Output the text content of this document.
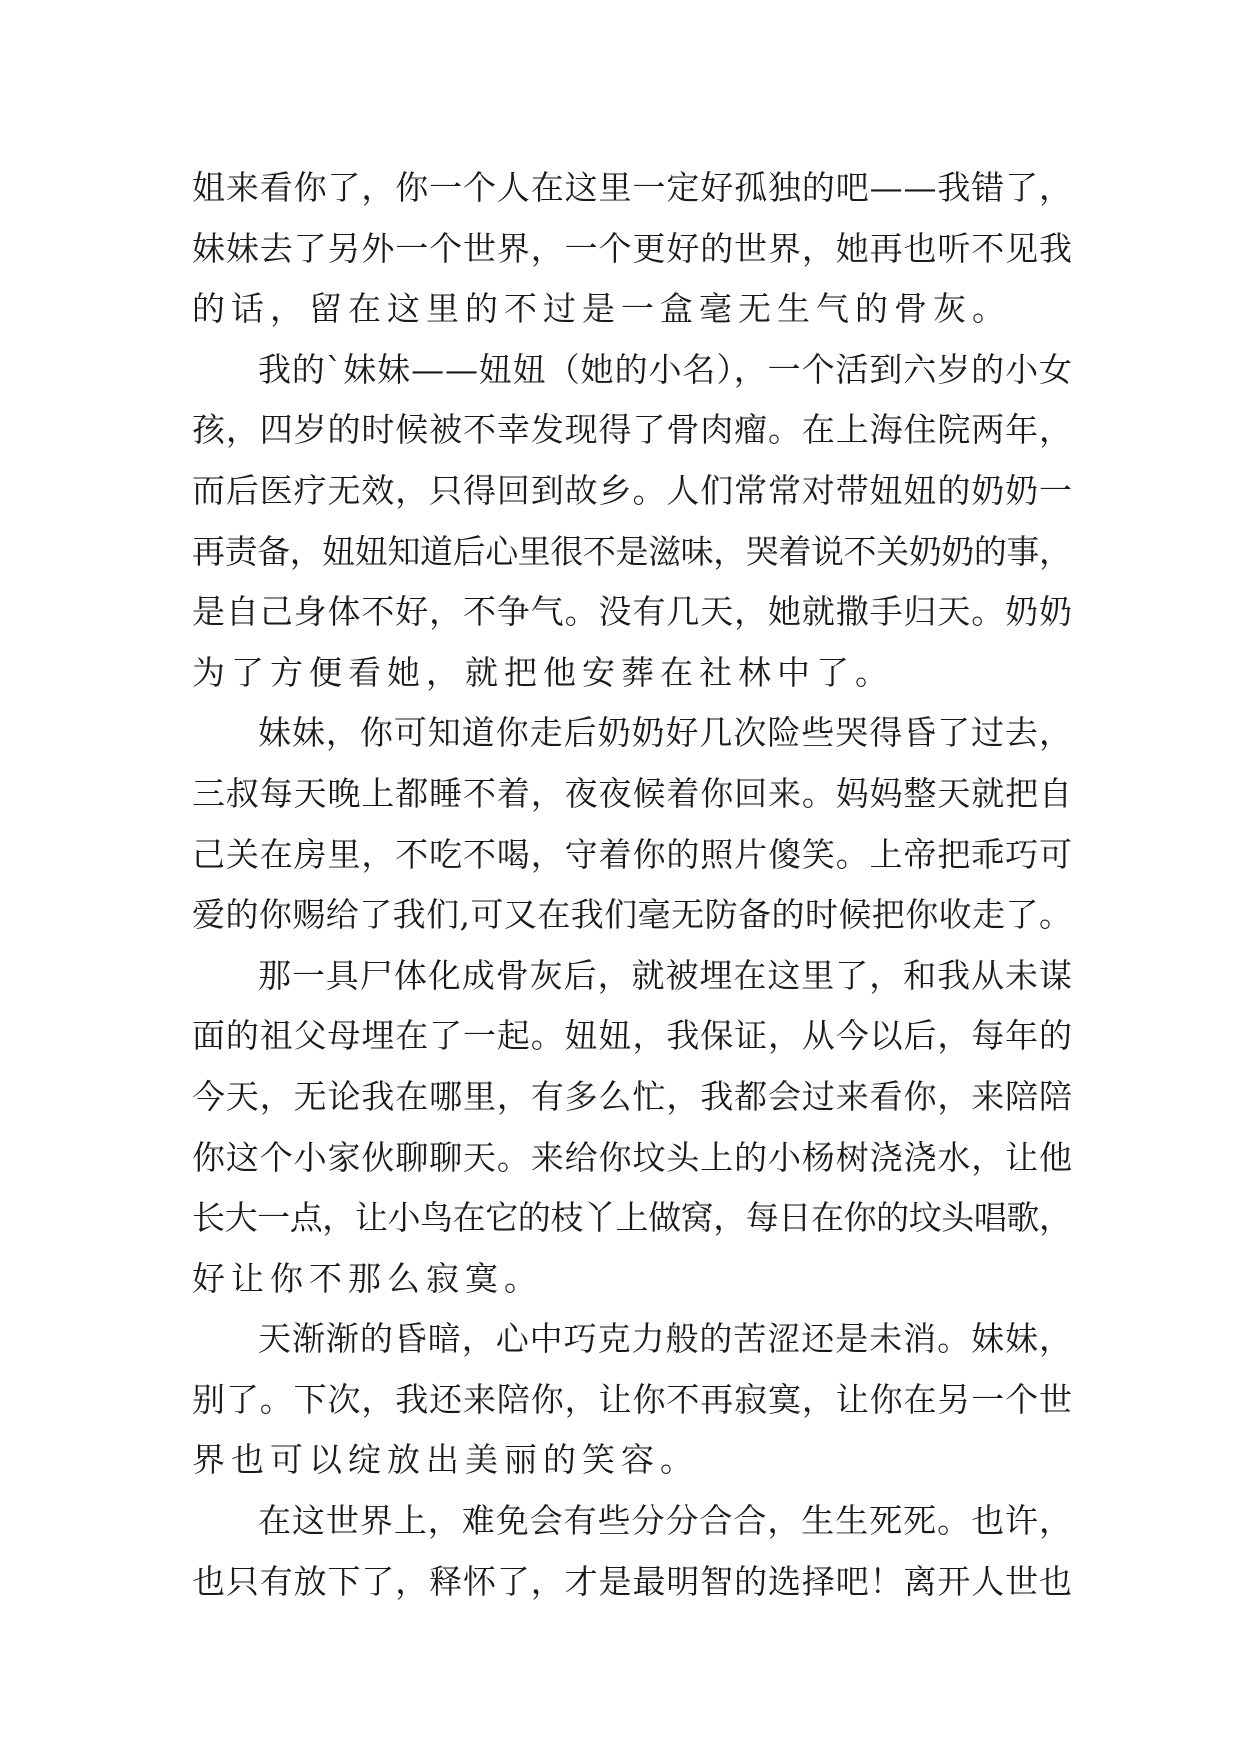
姐来看你了，你一个人在这里一定好孤独的吧——我错了，
妹妹去了另外一个世界，一个更好的世界，她再也听不见我
的话，留在这里的不过是一盒毫无生气的骨灰。
我的`妹妹——妞妞（她的小名），一个活到六岁的小女
孩，四岁的时候被不幸发现得了骨肉瘤。在上海住院两年，
而后医疗无效，只得回到故乡。人们常常对带妞妞的奶奶一
再责备，妞妞知道后心里很不是滋味，哭着说不关奶奶的事，
是自己身体不好，不争气。没有几天，她就撒手归天。奶奶
为了方便看她，就把他安葬在社林中了。
妹妹，你可知道你走后奶奶好几次险些哭得昏了过去，
三叔每天晚上都睡不着，夜夜候着你回来。妈妈整天就把自
己关在房里，不吃不喝，守着你的照片傻笑。上帝把乖巧可
爱的你赐给了我们,可又在我们毫无防备的时候把你收走了。
那一具尸体化成骨灰后，就被埋在这里了，和我从未谋
面的祖父母埋在了一起。妞妞，我保证，从今以后，每年的
今天，无论我在哪里，有多么忙，我都会过来看你，来陪陪
你这个小家伙聊聊天。来给你坟头上的小杨树浇浇水，让他
长大一点，让小鸟在它的枝丫上做窝，每日在你的坟头唱歌，
好让你不那么寂寞。
天渐渐的昏暗，心中巧克力般的苦涩还是未消。妹妹，
别了。下次，我还来陪你，让你不再寂寞，让你在另一个世
界也可以绽放出美丽的笑容。
在这世界上，难免会有些分分合合，生生死死。也许，
也只有放下了，释怀了，才是最明智的选择吧！离开人世也
